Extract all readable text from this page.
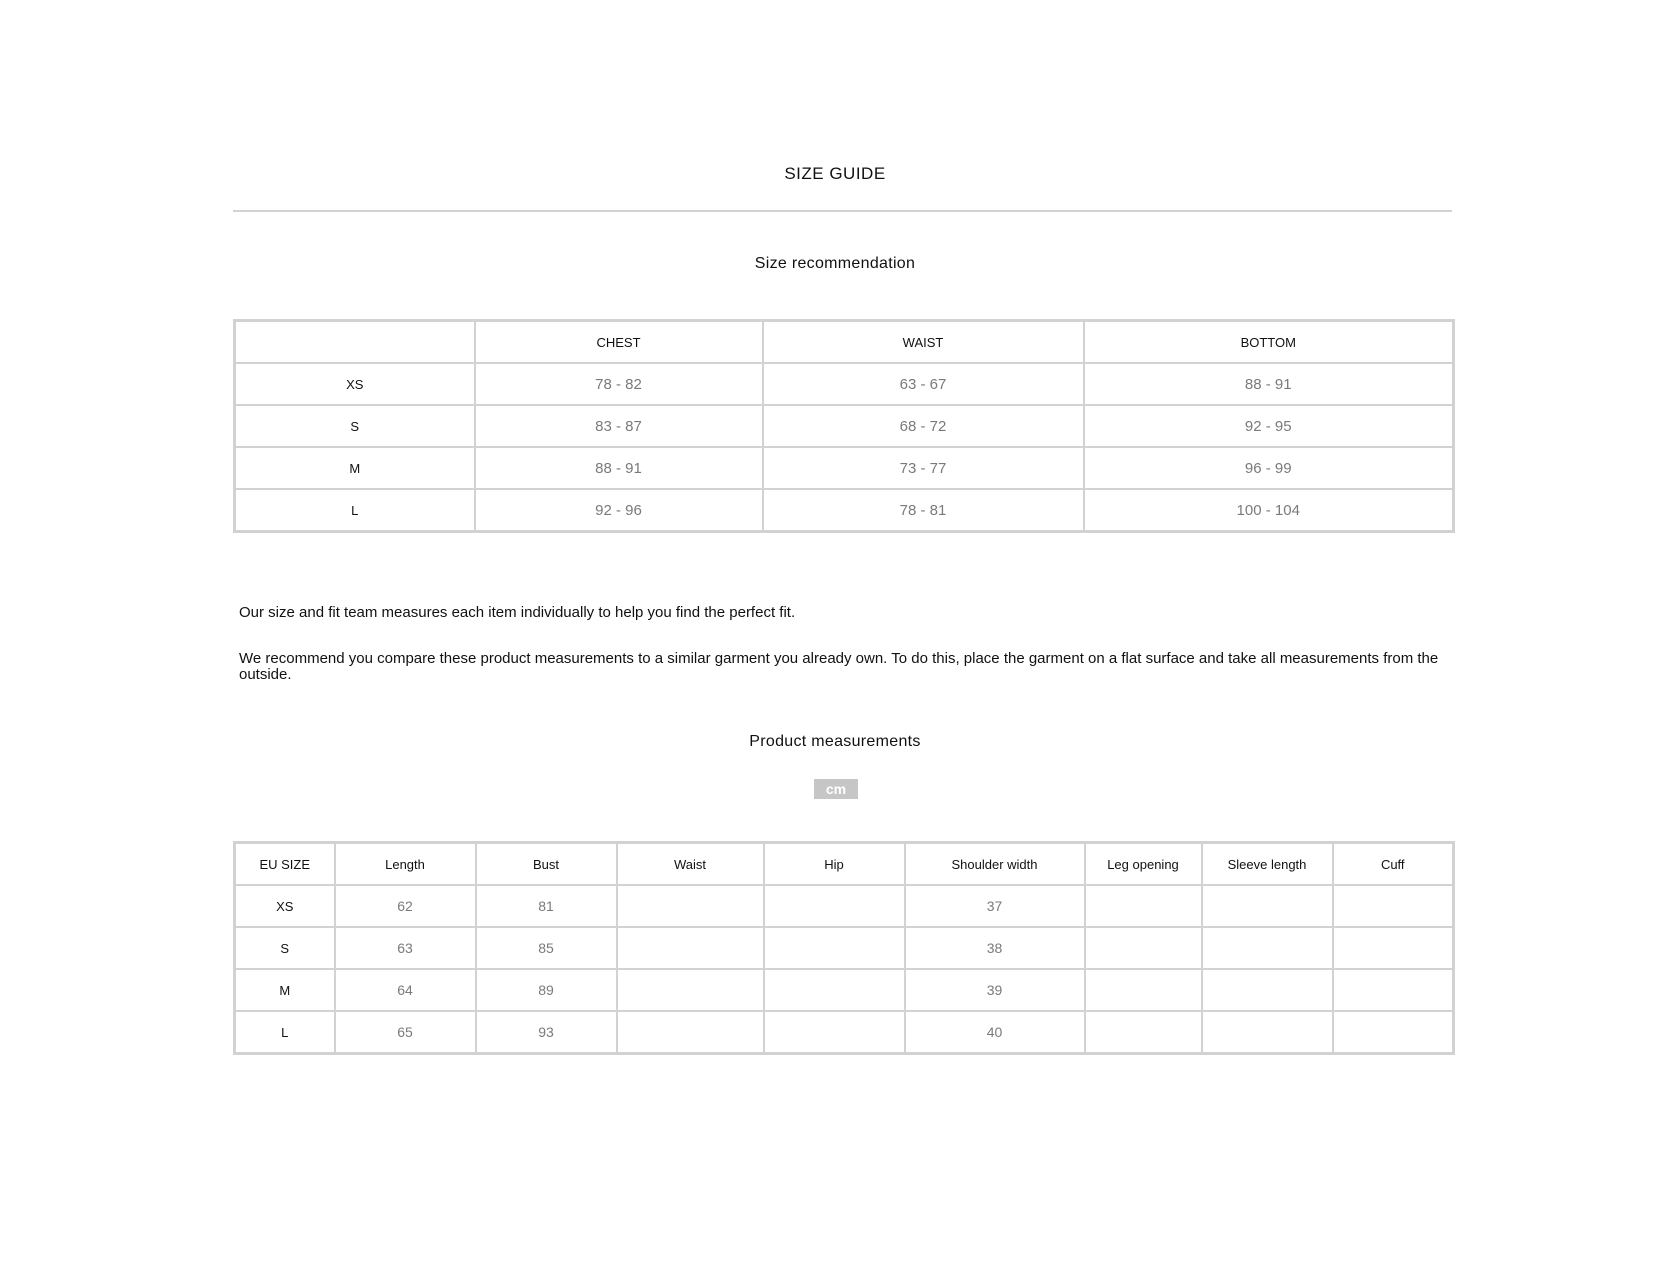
SIZE GUIDE
Size recommendation
	CHEST	WAIST	BOTTOM
XS	78 - 82	63 - 67	88 - 91
S	83 - 87	68 - 72	92 - 95
M	88 - 91	73 - 77	96 - 99
L	92 - 96	78 - 81	100 - 104
Our size and fit team measures each item individually to help you find the perfect fit.
We recommend you compare these product measurements to a similar garment you already own. To do this, place the garment on a flat surface and take all measurements from the outside.
Product measurements
cm
EU SIZE	Length	Bust	Waist	Hip	Shoulder width	Leg opening	Sleeve length	Cuff
XS	62	81			37			
S	63	85			38			
M	64	89			39			
L	65	93			40			
